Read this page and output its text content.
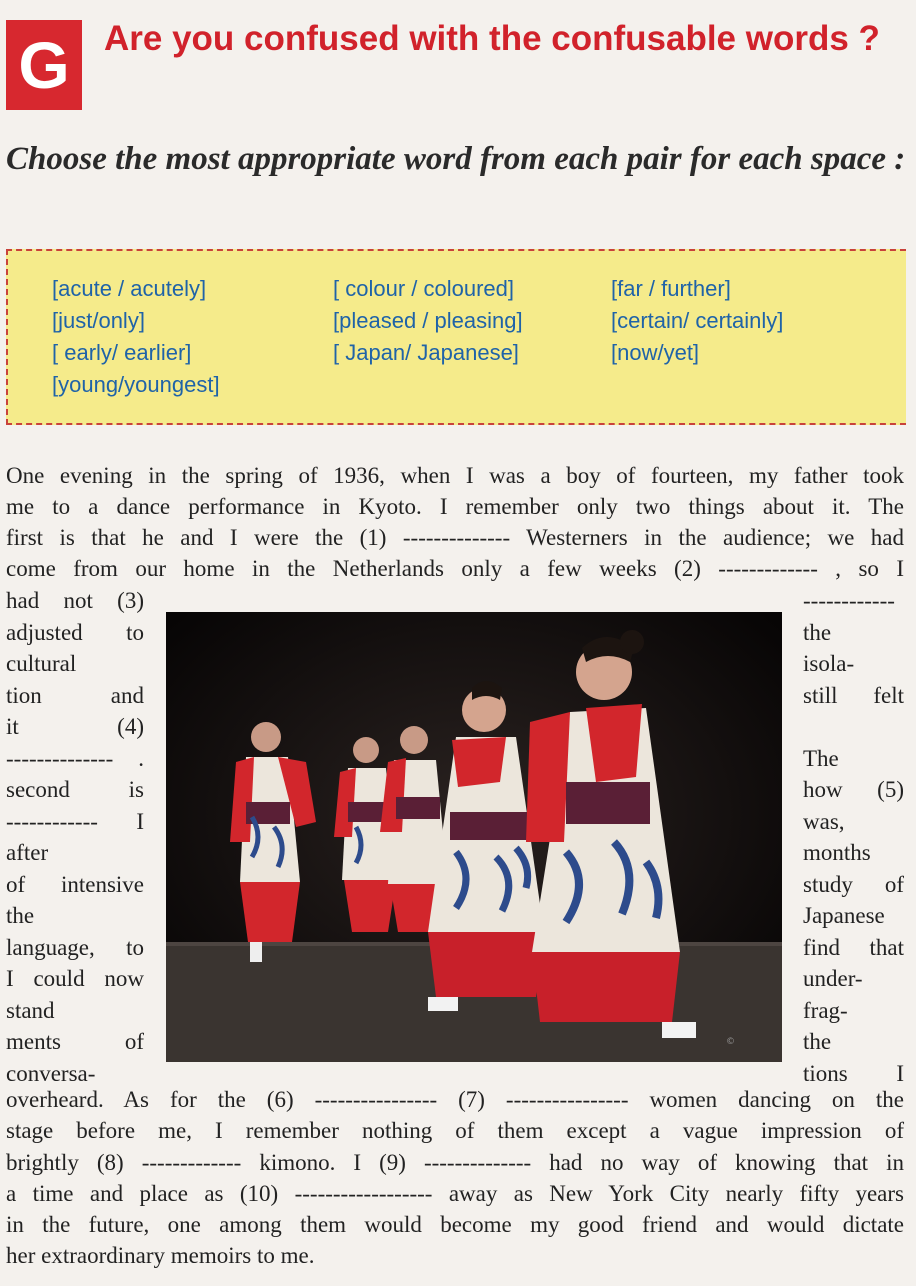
G Are you confused with the confusable words ?
Choose the most appropriate word from each pair for each space :
[acute / acutely]
[just/only]
[ early/ earlier]
[young/youngest]
[ colour / coloured]
[pleased / pleasing]
[ Japan/ Japanese]
[far / further]
[certain/ certainly]
[now/yet]
One evening in the spring of 1936, when I was a boy of fourteen, my father took
me to a dance performance in Kyoto. I remember only two things about it. The
first is that he and I were the (1) -------------- Westerners in the audience; we had
come from our home in the Netherlands only a few weeks (2) ------------- , so I
had not (3)
adjusted to
cultural
tion and
it (4)
-------------- .
second is
------------ I
after
of intensive
the
language, to
I could now
stand
ments of
conversa-
------------
the
isola-
still felt
The
how (5)
was,
months
study of
Japanese
find that
under-
frag-
the
tions I
©
overheard. As for the (6) ---------------- (7) ---------------- women dancing on the
stage before me, I remember nothing of them except a vague impression of
brightly (8) ------------- kimono. I (9) -------------- had no way of knowing that in
a time and place as (10) ------------------ away as New York City nearly fifty years
in the future, one among them would become my good friend and would dictate
her extraordinary memoirs to me.
